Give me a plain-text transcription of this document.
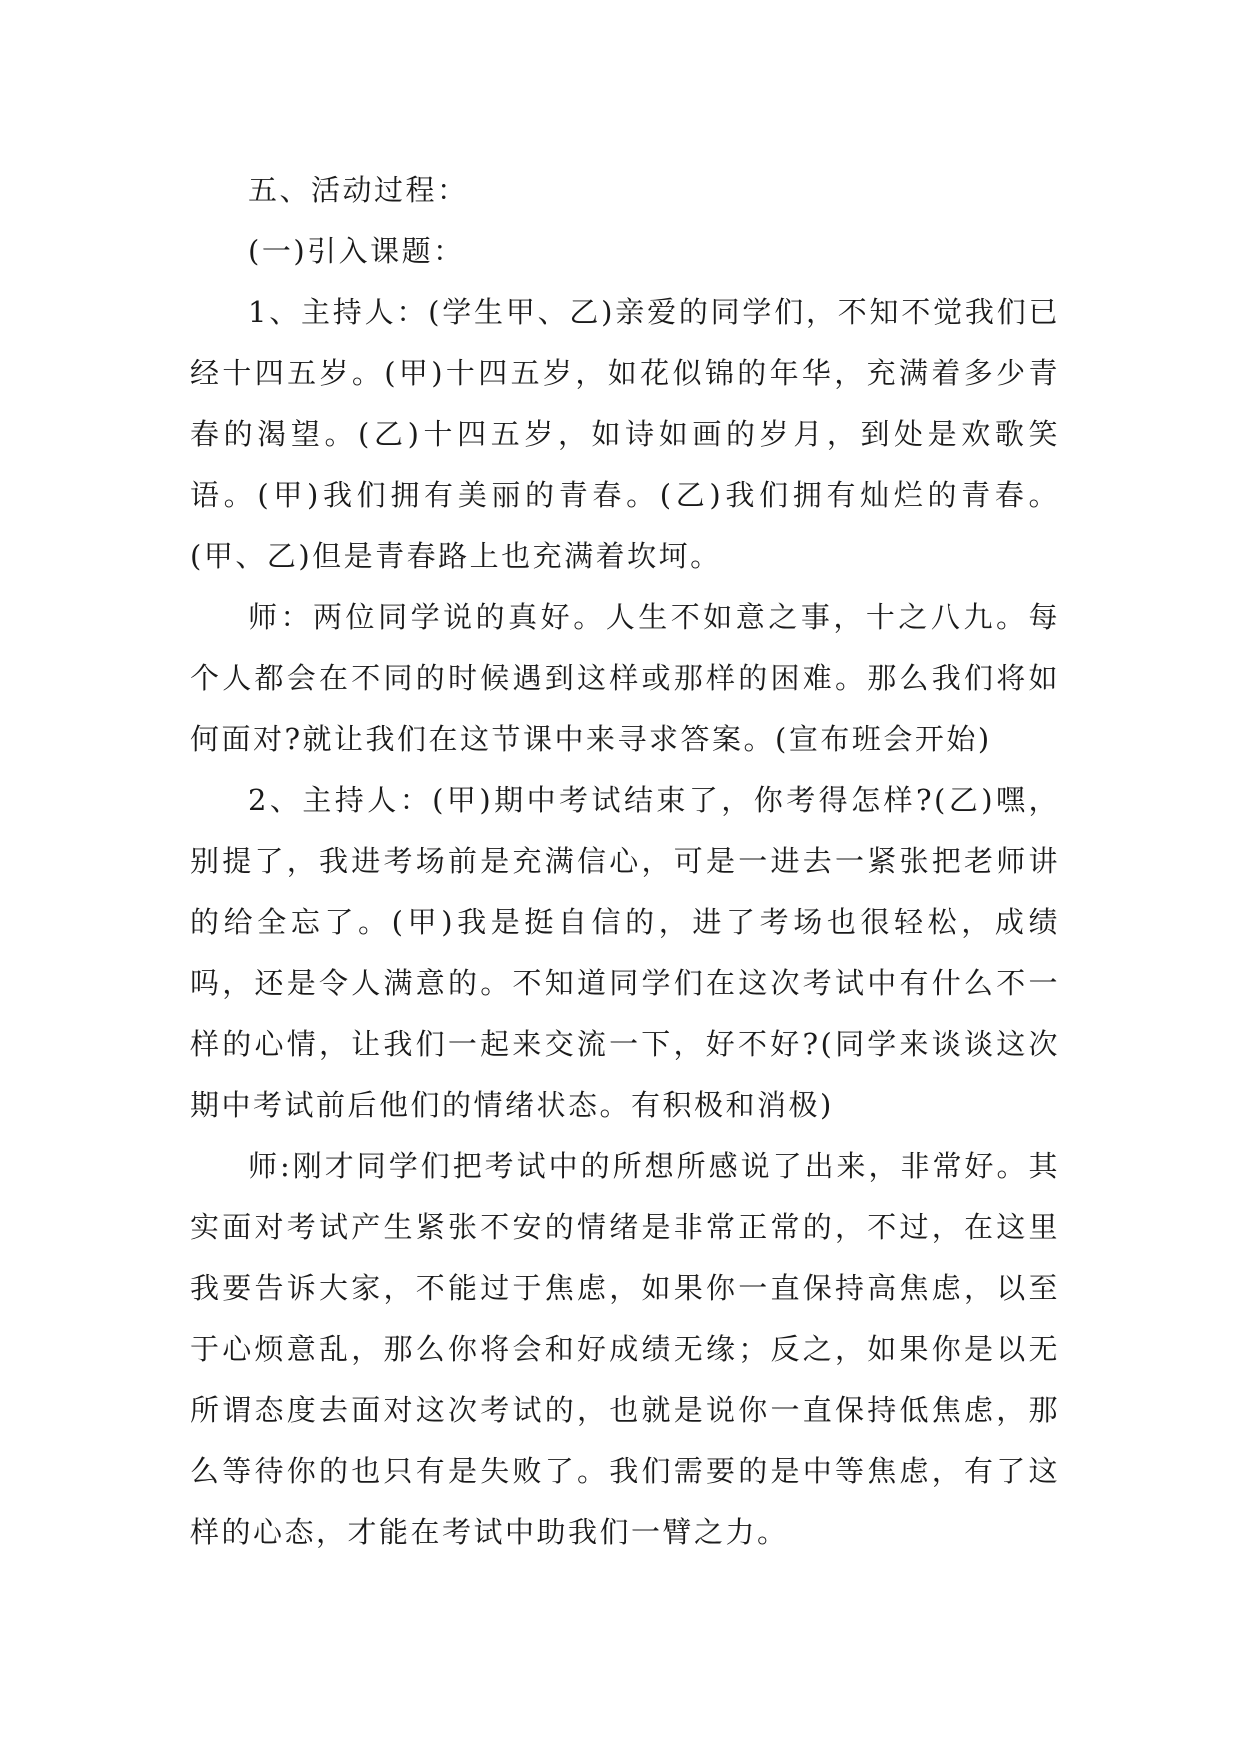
五、活动过程：

(一)引入课题：

1、主持人：(学生甲、乙)亲爱的同学们，不知不觉我们已经十四五岁。(甲)十四五岁，如花似锦的年华，充满着多少青春的渴望。(乙)十四五岁，如诗如画的岁月，到处是欢歌笑语。(甲)我们拥有美丽的青春。(乙)我们拥有灿烂的青春。(甲、乙)但是青春路上也充满着坎坷。

师：两位同学说的真好。人生不如意之事，十之八九。每个人都会在不同的时候遇到这样或那样的困难。那么我们将如何面对?就让我们在这节课中来寻求答案。(宣布班会开始)

2、主持人：(甲)期中考试结束了，你考得怎样?(乙)嘿，别提了，我进考场前是充满信心，可是一进去一紧张把老师讲的给全忘了。(甲)我是挺自信的，进了考场也很轻松，成绩吗，还是令人满意的。不知道同学们在这次考试中有什么不一样的心情，让我们一起来交流一下，好不好?(同学来谈谈这次期中考试前后他们的情绪状态。有积极和消极)

师:刚才同学们把考试中的所想所感说了出来，非常好。其实面对考试产生紧张不安的情绪是非常正常的，不过，在这里我要告诉大家，不能过于焦虑，如果你一直保持高焦虑，以至于心烦意乱，那么你将会和好成绩无缘；反之，如果你是以无所谓态度去面对这次考试的，也就是说你一直保持低焦虑，那么等待你的也只有是失败了。我们需要的是中等焦虑，有了这样的心态，才能在考试中助我们一臂之力。
